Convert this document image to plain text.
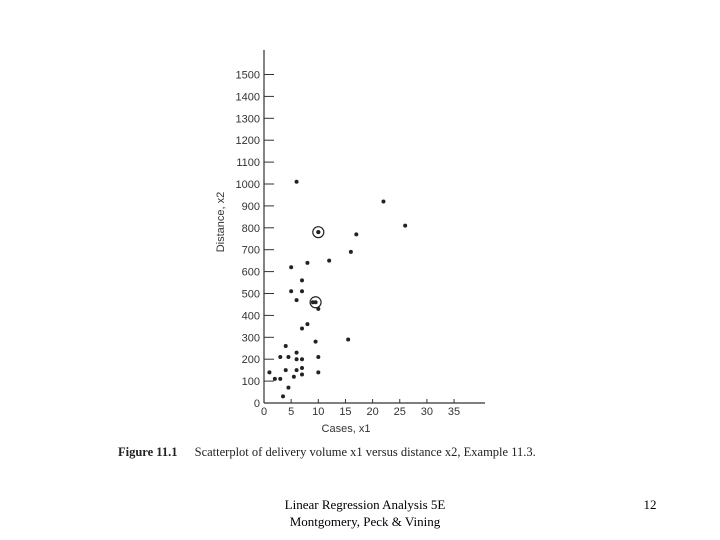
0
100
200
300
400
500
600
700
800
900
1000
1100
1200
1300
1400
1500
0 5 10 15 20 25 30 35
Cases, x1
Distance, x2
Figure 11.1 Scatterplot of delivery volume x1 versus distance x2, Example 11.3.
Linear Regression Analysis 5E
Montgomery, Peck & Vining
12
